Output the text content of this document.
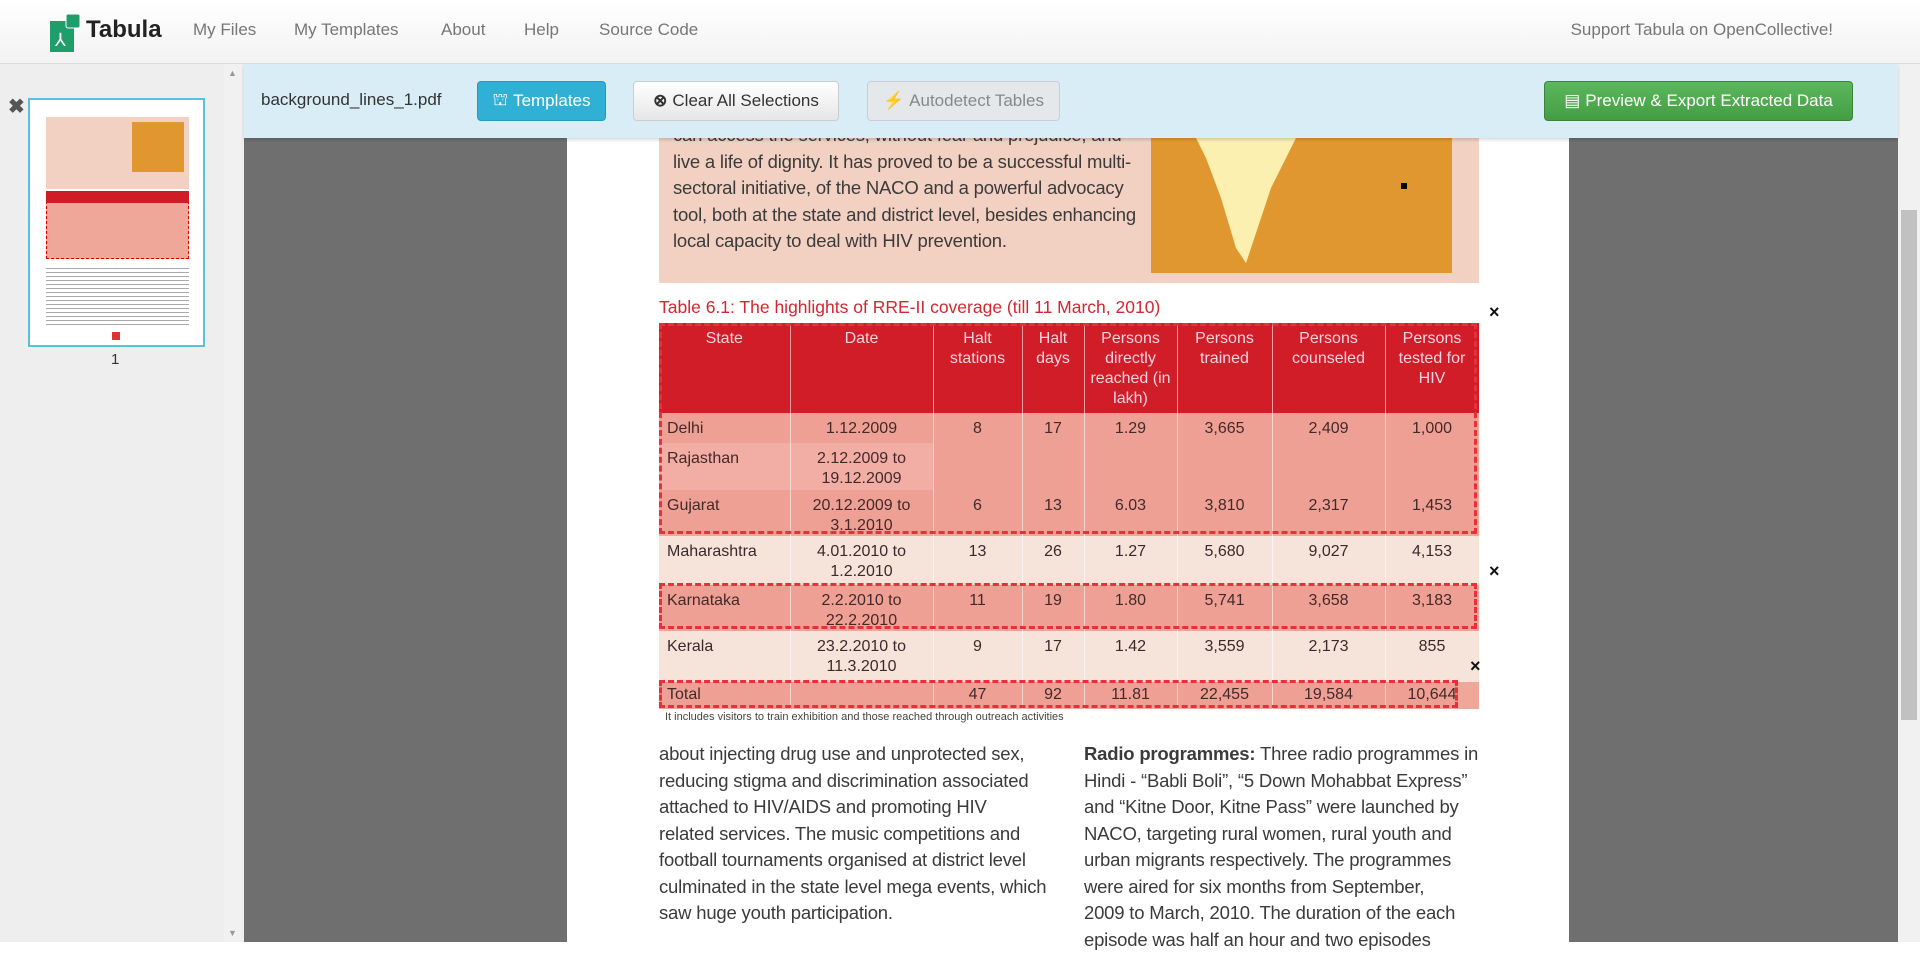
⅄ Tabula My Files My Templates About Help Source Code	Support Tabula on OpenCollective!
✖
1
▲
▼
background_lines_1.pdf	⛫ Templates	⊗ Clear All Selections	⚡ Autodetect Tables	▤ Preview & Export Extracted Data
live a life of dignity. It has proved to be a successful multi-
sectoral initiative, of the NACO and a powerful advocacy
tool, both at the state and district level, besides enhancing
local capacity to deal with HIV prevention.
Table 6.1: The highlights of RRE-II coverage (till 11 March, 2010)
State	Date	Halt stations	Halt days	Persons directly reached (in lakh)	Persons trained	Persons counseled	Persons tested for HIV
Delhi	1.12.2009	8	17	1.29	3,665	2,409	1,000
Rajasthan	2.12.2009 to 19.12.2009						
Gujarat	20.12.2009 to 3.1.2010	6	13	6.03	3,810	2,317	1,453
Maharashtra	4.01.2010 to 1.2.2010	13	26	1.27	5,680	9,027	4,153
Karnataka	2.2.2010 to 22.2.2010	11	19	1.80	5,741	3,658	3,183
Kerala	23.2.2010 to 11.3.2010	9	17	1.42	3,559	2,173	855
Total		47	92	11.81	22,455	19,584	10,644
It includes visitors to train exhibition and those reached through outreach activities
about injecting drug use and unprotected sex,
reducing stigma and discrimination associated
attached to HIV/AIDS and promoting HIV
related services. The music competitions and
football tournaments organised at district level
culminated in the state level mega events, which
saw huge youth participation.
Radio programmes: Three radio programmes in
Hindi - “Babli Boli”, “5 Down Mohabbat Express”
and “Kitne Door, Kitne Pass” were launched by
NACO, targeting rural women, rural youth and
urban migrants respectively. The programmes
were aired for six months from September,
2009 to March, 2010. The duration of the each
episode was half an hour and two episodes
×
×
×
